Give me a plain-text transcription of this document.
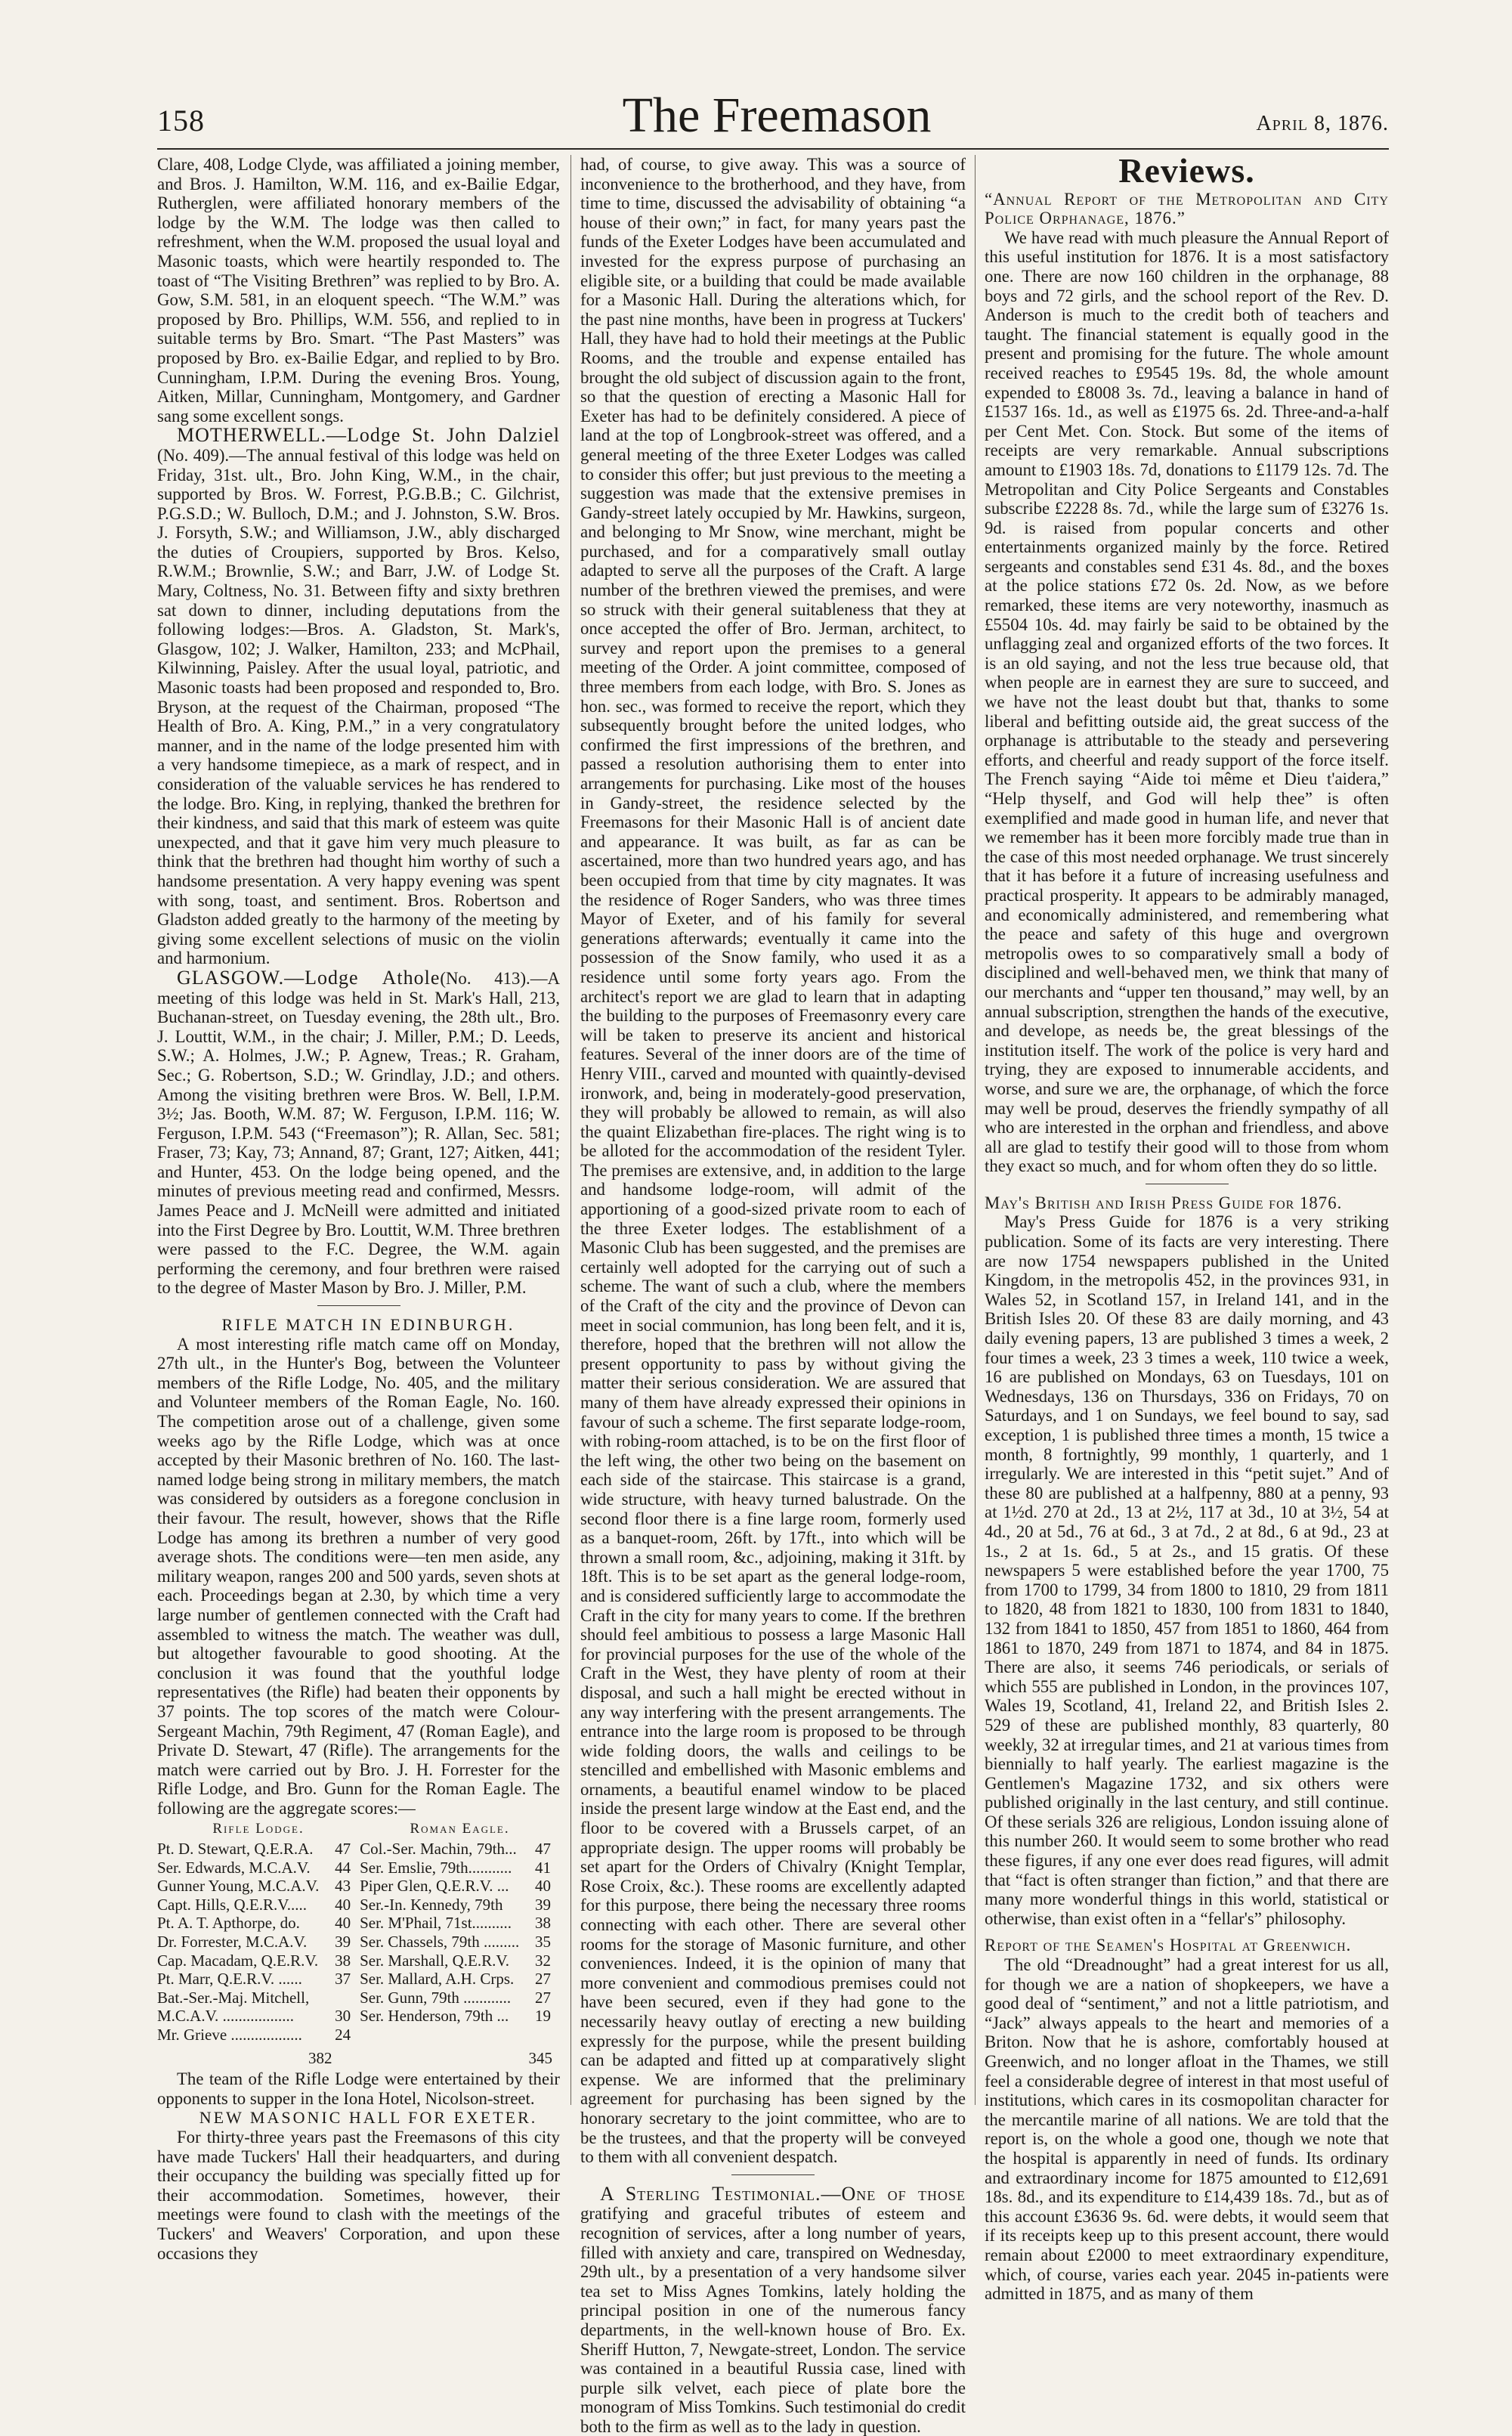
158	The Freemason	April 8, 1876.

Clare, 408, Lodge Clyde, was affiliated a joining member, and Bros. J. Hamilton, W.M. 116, and ex-Bailie Edgar, Rutherglen, were affiliated honorary members of the lodge by the W.M. The lodge was then called to refreshment, when the W.M. proposed the usual loyal and Masonic toasts, which were heartily responded to. The toast of “The Visiting Brethren” was replied to by Bro. A. Gow, S.M. 581, in an eloquent speech. “The W.M.” was proposed by Bro. Phillips, W.M. 556, and replied to in suitable terms by Bro. Smart. “The Past Masters” was proposed by Bro. ex-Bailie Edgar, and replied to by Bro. Cunningham, I.P.M. During the evening Bros. Young, Aitken, Millar, Cunningham, Montgomery, and Gardner sang some excellent songs.

MOTHERWELL.—Lodge St. John Dalziel (No. 409).—The annual festival of this lodge was held on Friday, 31st. ult., Bro. John King, W.M., in the chair, supported by Bros. W. Forrest, P.G.B.B.; C. Gilchrist, P.G.S.D.; W. Bulloch, D.M.; and J. Johnston, S.W. Bros. J. Forsyth, S.W.; and Williamson, J.W., ably discharged the duties of Croupiers, supported by Bros. Kelso, R.W.M.; Brownlie, S.W.; and Barr, J.W. of Lodge St. Mary, Coltness, No. 31. Between fifty and sixty brethren sat down to dinner, including deputations from the following lodges:—Bros. A. Gladston, St. Mark's, Glasgow, 102; J. Walker, Hamilton, 233; and McPhail, Kilwinning, Paisley. After the usual loyal, patriotic, and Masonic toasts had been proposed and responded to, Bro. Bryson, at the request of the Chairman, proposed “The Health of Bro. A. King, P.M.,” in a very congratulatory manner, and in the name of the lodge presented him with a very handsome timepiece, as a mark of respect, and in consideration of the valuable services he has rendered to the lodge. Bro. King, in replying, thanked the brethren for their kindness, and said that this mark of esteem was quite unexpected, and that it gave him very much pleasure to think that the brethren had thought him worthy of such a handsome presentation. A very happy evening was spent with song, toast, and sentiment. Bros. Robertson and Gladston added greatly to the harmony of the meeting by giving some excellent selections of music on the violin and harmonium.

GLASGOW.—Lodge Athole(No. 413).—A meeting of this lodge was held in St. Mark's Hall, 213, Buchanan-street, on Tuesday evening, the 28th ult., Bro. J. Louttit, W.M., in the chair; J. Miller, P.M.; D. Leeds, S.W.; A. Holmes, J.W.; P. Agnew, Treas.; R. Graham, Sec.; G. Robertson, S.D.; W. Grindlay, J.D.; and others. Among the visiting brethren were Bros. W. Bell, I.P.M. 3½; Jas. Booth, W.M. 87; W. Ferguson, I.P.M. 116; W. Ferguson, I.P.M. 543 (“Freemason”); R. Allan, Sec. 581; Fraser, 73; Kay, 73; Annand, 87; Grant, 127; Aitken, 441; and Hunter, 453. On the lodge being opened, and the minutes of previous meeting read and confirmed, Messrs. James Peace and J. McNeill were admitted and initiated into the First Degree by Bro. Louttit, W.M. Three brethren were passed to the F.C. Degree, the W.M. again performing the ceremony, and four brethren were raised to the degree of Master Mason by Bro. J. Miller, P.M.

RIFLE MATCH IN EDINBURGH.

A most interesting rifle match came off on Monday, 27th ult., in the Hunter's Bog, between the Volunteer members of the Rifle Lodge, No. 405, and the military and Volunteer members of the Roman Eagle, No. 160. The competition arose out of a challenge, given some weeks ago by the Rifle Lodge, which was at once accepted by their Masonic brethren of No. 160. The last-named lodge being strong in military members, the match was considered by outsiders as a foregone conclusion in their favour. The result, however, shows that the Rifle Lodge has among its brethren a number of very good average shots. The conditions were—ten men aside, any military weapon, ranges 200 and 500 yards, seven shots at each. Proceedings began at 2.30, by which time a very large number of gentlemen connected with the Craft had assembled to witness the match. The weather was dull, but altogether favourable to good shooting. At the conclusion it was found that the youthful lodge representatives (the Rifle) had beaten their opponents by 37 points. The top scores of the match were Colour-Sergeant Machin, 79th Regiment, 47 (Roman Eagle), and Private D. Stewart, 47 (Rifle). The arrangements for the match were carried out by Bro. J. H. Forrester for the Rifle Lodge, and Bro. Gunn for the Roman Eagle. The following are the aggregate scores:—

Rifle Lodge.		Roman Eagle.	
Pt. D. Stewart, Q.E.R.A.	47	Col.-Ser. Machin, 79th...	47
Ser. Edwards, M.C.A.V.	44	Ser. Emslie, 79th...........	41
Gunner Young, M.C.A.V.	43	Piper Glen, Q.E.R.V. ...	40
Capt. Hills, Q.E.R.V.....	40	Ser.-In. Kennedy, 79th	39
Pt. A. T. Apthorpe, do.	40	Ser. M'Phail, 71st..........	38
Dr. Forrester, M.C.A.V.	39	Ser. Chassels, 79th .........	35
Cap. Macadam, Q.E.R.V.	38	Ser. Marshall, Q.E.R.V.	32
Pt. Marr, Q.E.R.V. ......	37	Ser. Mallard, A.H. Crps.	27
Bat.-Ser.-Maj. Mitchell,		Ser. Gunn, 79th ............	27
M.C.A.V. ..................	30	Ser. Henderson, 79th ...	19
Mr. Grieve ..................	24		
382	345

The team of the Rifle Lodge were entertained by their opponents to supper in the Iona Hotel, Nicolson-street.

NEW MASONIC HALL FOR EXETER.

For thirty-three years past the Freemasons of this city have made Tuckers' Hall their headquarters, and during their occupancy the building was specially fitted up for their accommodation. Sometimes, however, their meetings were found to clash with the meetings of the Tuckers' and Weavers' Corporation, and upon these occasions they

had, of course, to give away. This was a source of inconvenience to the brotherhood, and they have, from time to time, discussed the advisability of obtaining “a house of their own;” in fact, for many years past the funds of the Exeter Lodges have been accumulated and invested for the express purpose of purchasing an eligible site, or a building that could be made available for a Masonic Hall. During the alterations which, for the past nine months, have been in progress at Tuckers' Hall, they have had to hold their meetings at the Public Rooms, and the trouble and expense entailed has brought the old subject of discussion again to the front, so that the question of erecting a Masonic Hall for Exeter has had to be definitely considered. A piece of land at the top of Longbrook-street was offered, and a general meeting of the three Exeter Lodges was called to consider this offer; but just previous to the meeting a suggestion was made that the extensive premises in Gandy-street lately occupied by Mr. Hawkins, surgeon, and belonging to Mr Snow, wine merchant, might be purchased, and for a comparatively small outlay adapted to serve all the purposes of the Craft. A large number of the brethren viewed the premises, and were so struck with their general suitableness that they at once accepted the offer of Bro. Jerman, architect, to survey and report upon the premises to a general meeting of the Order. A joint committee, composed of three members from each lodge, with Bro. S. Jones as hon. sec., was formed to receive the report, which they subsequently brought before the united lodges, who confirmed the first impressions of the brethren, and passed a resolution authorising them to enter into arrangements for purchasing. Like most of the houses in Gandy-street, the residence selected by the Freemasons for their Masonic Hall is of ancient date and appearance. It was built, as far as can be ascertained, more than two hundred years ago, and has been occupied from that time by city magnates. It was the residence of Roger Sanders, who was three times Mayor of Exeter, and of his family for several generations afterwards; eventually it came into the possession of the Snow family, who used it as a residence until some forty years ago. From the architect's report we are glad to learn that in adapting the building to the purposes of Freemasonry every care will be taken to preserve its ancient and historical features. Several of the inner doors are of the time of Henry VIII., carved and mounted with quaintly-devised ironwork, and, being in moderately-good preservation, they will probably be allowed to remain, as will also the quaint Elizabethan fire-places. The right wing is to be alloted for the accommodation of the resident Tyler. The premises are extensive, and, in addition to the large and handsome lodge-room, will admit of the apportioning of a good-sized private room to each of the three Exeter lodges. The establishment of a Masonic Club has been suggested, and the premises are certainly well adopted for the carrying out of such a scheme. The want of such a club, where the members of the Craft of the city and the province of Devon can meet in social communion, has long been felt, and it is, therefore, hoped that the brethren will not allow the present opportunity to pass by without giving the matter their serious consideration. We are assured that many of them have already expressed their opinions in favour of such a scheme. The first separate lodge-room, with robing-room attached, is to be on the first floor of the left wing, the other two being on the basement on each side of the staircase. This staircase is a grand, wide structure, with heavy turned balustrade. On the second floor there is a fine large room, formerly used as a banquet-room, 26ft. by 17ft., into which will be thrown a small room, &c., adjoining, making it 31ft. by 18ft. This is to be set apart as the general lodge-room, and is considered sufficiently large to accommodate the Craft in the city for many years to come. If the brethren should feel ambitious to possess a large Masonic Hall for provincial purposes for the use of the whole of the Craft in the West, they have plenty of room at their disposal, and such a hall might be erected without in any way interfering with the present arrangements. The entrance into the large room is proposed to be through wide folding doors, the walls and ceilings to be stencilled and embellished with Masonic emblems and ornaments, a beautiful enamel window to be placed inside the present large window at the East end, and the floor to be covered with a Brussels carpet, of an appropriate design. The upper rooms will probably be set apart for the Orders of Chivalry (Knight Templar, Rose Croix, &c.). These rooms are excellently adapted for this purpose, there being the necessary three rooms connecting with each other. There are several other rooms for the storage of Masonic furniture, and other conveniences. Indeed, it is the opinion of many that more convenient and commodious premises could not have been secured, even if they had gone to the necessarily heavy outlay of erecting a new building expressly for the purpose, while the present building can be adapted and fitted up at comparatively slight expense. We are informed that the preliminary agreement for purchasing has been signed by the honorary secretary to the joint committee, who are to be the trustees, and that the property will be conveyed to them with all convenient despatch.

A Sterling Testimonial.—One of those gratifying and graceful tributes of esteem and recognition of services, after a long number of years, filled with anxiety and care, transpired on Wednesday, 29th ult., by a presentation of a very handsome silver tea set to Miss Agnes Tomkins, lately holding the principal position in one of the numerous fancy departments, in the well-known house of Bro. Ex. Sheriff Hutton, 7, Newgate-street, London. The service was contained in a beautiful Russia case, lined with purple silk velvet, each piece of plate bore the monogram of Miss Tomkins. Such testimonial do credit both to the firm as well as to the lady in question.

Reviews.

“Annual Report of the Metropolitan and City Police Orphanage, 1876.”

We have read with much pleasure the Annual Report of this useful institution for 1876. It is a most satisfactory one. There are now 160 children in the orphanage, 88 boys and 72 girls, and the school report of the Rev. D. Anderson is much to the credit both of teachers and taught. The financial statement is equally good in the present and promising for the future. The whole amount received reaches to £9545 19s. 8d, the whole amount expended to £8008 3s. 7d., leaving a balance in hand of £1537 16s. 1d., as well as £1975 6s. 2d. Three-and-a-half per Cent Met. Con. Stock. But some of the items of receipts are very remarkable. Annual subscriptions amount to £1903 18s. 7d, donations to £1179 12s. 7d. The Metropolitan and City Police Sergeants and Constables subscribe £2228 8s. 7d., while the large sum of £3276 1s. 9d. is raised from popular concerts and other entertainments organized mainly by the force. Retired sergeants and constables send £31 4s. 8d., and the boxes at the police stations £72 0s. 2d. Now, as we before remarked, these items are very noteworthy, inasmuch as £5504 10s. 4d. may fairly be said to be obtained by the unflagging zeal and organized efforts of the two forces. It is an old saying, and not the less true because old, that when people are in earnest they are sure to succeed, and we have not the least doubt but that, thanks to some liberal and befitting outside aid, the great success of the orphanage is attributable to the steady and persevering efforts, and cheerful and ready support of the force itself. The French saying “Aide toi même et Dieu t'aidera,” “Help thyself, and God will help thee” is often exemplified and made good in human life, and never that we remember has it been more forcibly made true than in the case of this most needed orphanage. We trust sincerely that it has before it a future of increasing usefulness and practical prosperity. It appears to be admirably managed, and economically administered, and remembering what the peace and safety of this huge and overgrown metropolis owes to so comparatively small a body of disciplined and well-behaved men, we think that many of our merchants and “upper ten thousand,” may well, by an annual subscription, strengthen the hands of the executive, and develope, as needs be, the great blessings of the institution itself. The work of the police is very hard and trying, they are exposed to innumerable accidents, and worse, and sure we are, the orphanage, of which the force may well be proud, deserves the friendly sympathy of all who are interested in the orphan and friendless, and above all are glad to testify their good will to those from whom they exact so much, and for whom often they do so little.

May's British and Irish Press Guide for 1876.

May's Press Guide for 1876 is a very striking publication. Some of its facts are very interesting. There are now 1754 newspapers published in the United Kingdom, in the metropolis 452, in the provinces 931, in Wales 52, in Scotland 157, in Ireland 141, and in the British Isles 20. Of these 83 are daily morning, and 43 daily evening papers, 13 are published 3 times a week, 2 four times a week, 23 3 times a week, 110 twice a week, 16 are published on Mondays, 63 on Tuesdays, 101 on Wednesdays, 136 on Thursdays, 336 on Fridays, 70 on Saturdays, and 1 on Sundays, we feel bound to say, sad exception, 1 is published three times a month, 15 twice a month, 8 fortnightly, 99 monthly, 1 quarterly, and 1 irregularly. We are interested in this “petit sujet.” And of these 80 are published at a halfpenny, 880 at a penny, 93 at 1½d. 270 at 2d., 13 at 2½, 117 at 3d., 10 at 3½, 54 at 4d., 20 at 5d., 76 at 6d., 3 at 7d., 2 at 8d., 6 at 9d., 23 at 1s., 2 at 1s. 6d., 5 at 2s., and 15 gratis. Of these newspapers 5 were established before the year 1700, 75 from 1700 to 1799, 34 from 1800 to 1810, 29 from 1811 to 1820, 48 from 1821 to 1830, 100 from 1831 to 1840, 132 from 1841 to 1850, 457 from 1851 to 1860, 464 from 1861 to 1870, 249 from 1871 to 1874, and 84 in 1875. There are also, it seems 746 periodicals, or serials of which 555 are published in London, in the provinces 107, Wales 19, Scotland, 41, Ireland 22, and British Isles 2. 529 of these are published monthly, 83 quarterly, 80 weekly, 32 at irregular times, and 21 at various times from biennially to half yearly. The earliest magazine is the Gentlemen's Magazine 1732, and six others were published originally in the last century, and still continue. Of these serials 326 are religious, London issuing alone of this number 260. It would seem to some brother who read these figures, if any one ever does read figures, will admit that “fact is often stranger than fiction,” and that there are many more wonderful things in this world, statistical or otherwise, than exist often in a “fellar's” philosophy.

Report of the Seamen's Hospital at Greenwich.

The old “Dreadnought” had a great interest for us all, for though we are a nation of shopkeepers, we have a good deal of “sentiment,” and not a little patriotism, and “Jack” always appeals to the heart and memories of a Briton. Now that he is ashore, comfortably housed at Greenwich, and no longer afloat in the Thames, we still feel a considerable degree of interest in that most useful of institutions, which cares in its cosmopolitan character for the mercantile marine of all nations. We are told that the report is, on the whole a good one, though we note that the hospital is apparently in need of funds. Its ordinary and extraordinary income for 1875 amounted to £12,691 18s. 8d., and its expenditure to £14,439 18s. 7d., but as of this account £3636 9s. 6d. were debts, it would seem that if its receipts keep up to this present account, there would remain about £2000 to meet extraordinary expenditure, which, of course, varies each year. 2045 in-patients were admitted in 1875, and as many of them
